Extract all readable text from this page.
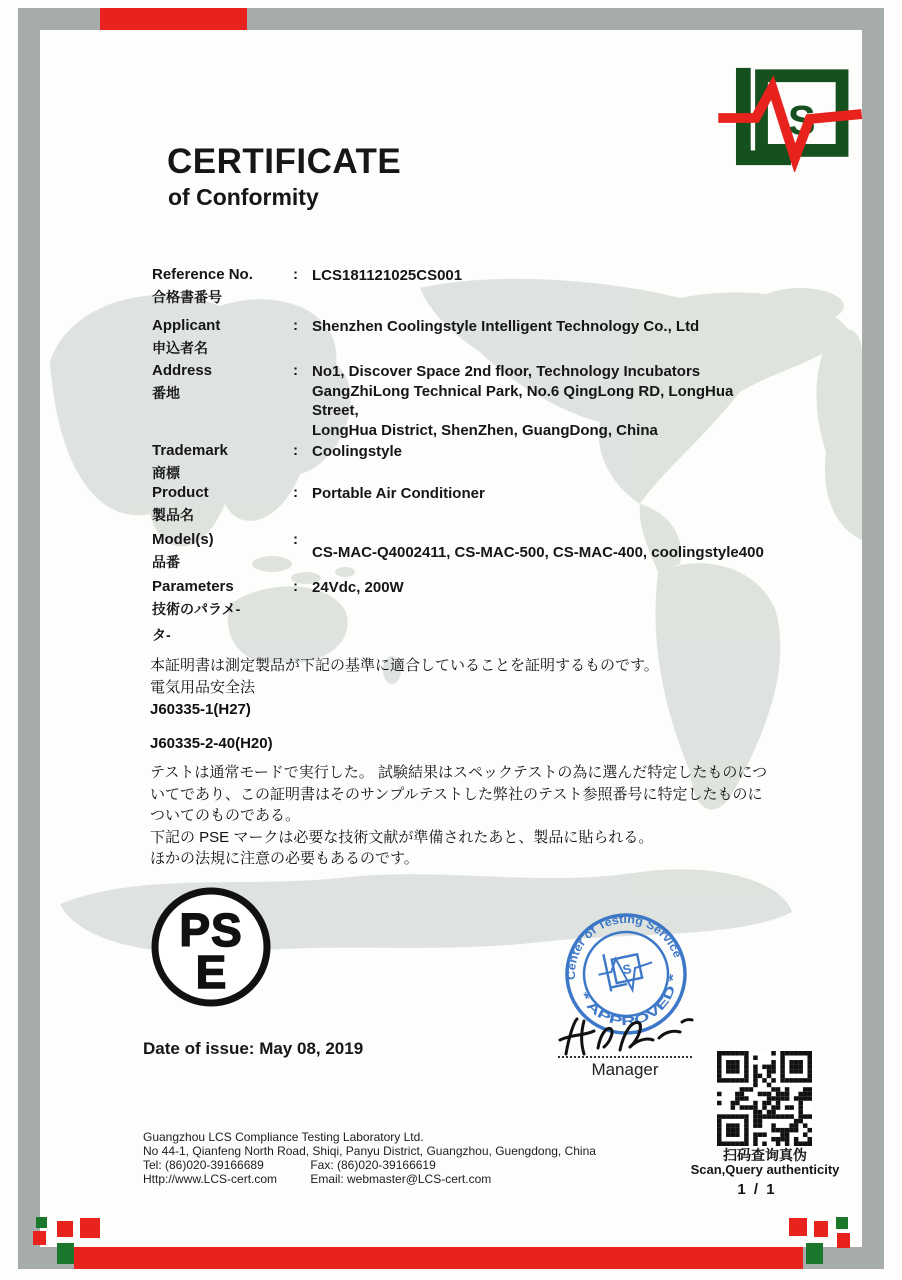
S
CERTIFICATE
of Conformity
Reference No.
合格書番号
: LCS181121025CS001
Applicant
申込者名
: Shenzhen Coolingstyle Intelligent Technology Co., Ltd
Address
番地
: No1, Discover Space 2nd floor, Technology Incubators
GangZhiLong Technical Park, No.6 QingLong RD, LongHua Street,
LongHua District, ShenZhen, GuangDong, China
Trademark
商標
: Coolingstyle
Product
製品名
: Portable Air Conditioner
Model(s)
品番
:
CS-MAC-Q4002411, CS-MAC-500, CS-MAC-400, coolingstyle400
Parameters
技術のパラメ-
タ-
: 24Vdc, 200W
本証明書は測定製品が下記の基準に適合していることを証明するものです。
電気用品安全法
J60335-1(H27)
J60335-2-40(H20)
テストは通常モードで実行した。 試験結果はスペックテストの為に選んだ特定したものにつ
いてであり、この証明書はそのサンプルテストした弊社のテスト参照番号に特定したものに
ついてのものである。
下記の PSE マークは必要な技術文献が準備されたあと、製品に貼られる。
ほかの法規に注意の必要もあるのです。
PS
E
Date of issue: May 08, 2019
Center of Testing Service
* APPROVED *
S
Manager
扫码查询真伪
Scan,Query authenticity
1 / 1
Guangzhou LCS Compliance Testing Laboratory Ltd.
No 44-1, Qianfeng North Road, Shiqi, Panyu District, Guangzhou, Guengdong, China
Tel: (86)020-39166689	Fax: (86)020-39166619
Http://www.LCS-cert.com	Email: webmaster@LCS-cert.com
